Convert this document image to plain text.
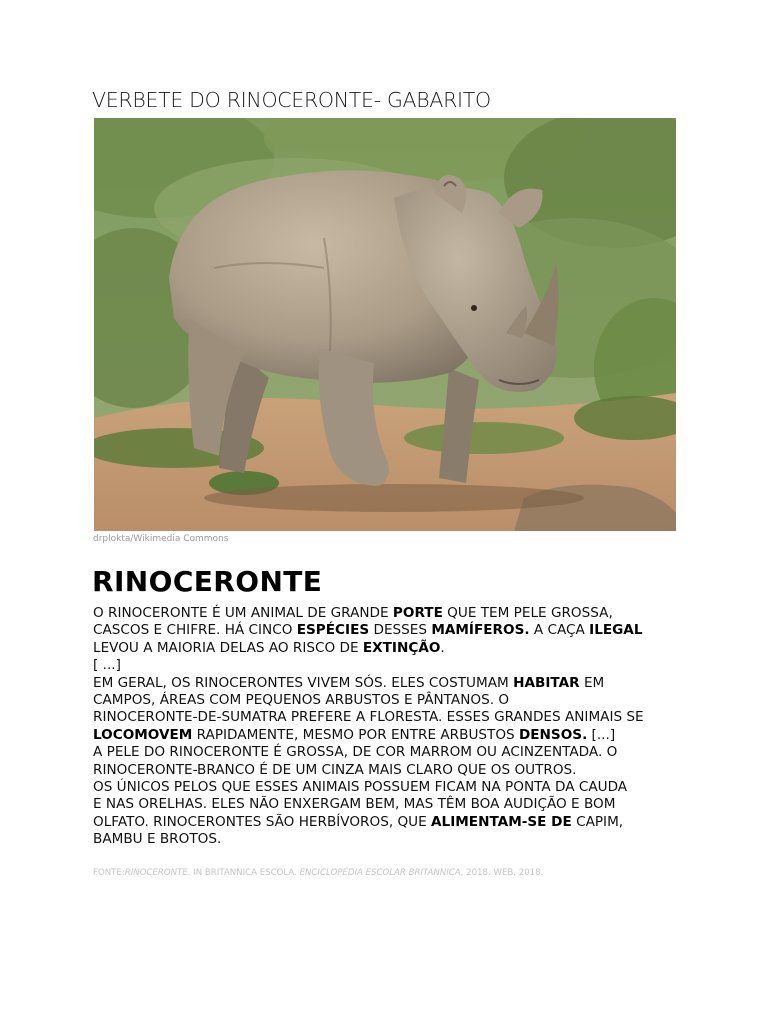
VERBETE DO RINOCERONTE- GABARITO
drplokta/Wikimedia Commons
RINOCERONTE
O RINOCERONTE É UM ANIMAL DE GRANDE PORTE QUE TEM PELE GROSSA,
CASCOS E CHIFRE. HÁ CINCO ESPÉCIES DESSES MAMÍFEROS. A CAÇA ILEGAL
LEVOU A MAIORIA DELAS AO RISCO DE EXTINÇÃO.
[ ...]
EM GERAL, OS RINOCERONTES VIVEM SÓS. ELES COSTUMAM HABITAR EM
CAMPOS, ÁREAS COM PEQUENOS ARBUSTOS E PÂNTANOS. O
RINOCERONTE-DE-SUMATRA PREFERE A FLORESTA. ESSES GRANDES ANIMAIS SE
LOCOMOVEM RAPIDAMENTE, MESMO POR ENTRE ARBUSTOS DENSOS. [...]
A PELE DO RINOCERONTE É GROSSA, DE COR MARROM OU ACINZENTADA. O
RINOCERONTE-BRANCO É DE UM CINZA MAIS CLARO QUE OS OUTROS.
OS ÚNICOS PELOS QUE ESSES ANIMAIS POSSUEM FICAM NA PONTA DA CAUDA
E NAS ORELHAS. ELES NÃO ENXERGAM BEM, MAS TÊM BOA AUDIÇÃO E BOM
OLFATO. RINOCERONTES SÃO HERBÍVOROS, QUE ALIMENTAM-SE DE CAPIM,
BAMBU E BROTOS.
FONTE:RINOCERONTE. IN BRITANNICA ESCOLA. ENCICLOPÉDIA ESCOLAR BRITANNICA, 2018. WEB, 2018.
